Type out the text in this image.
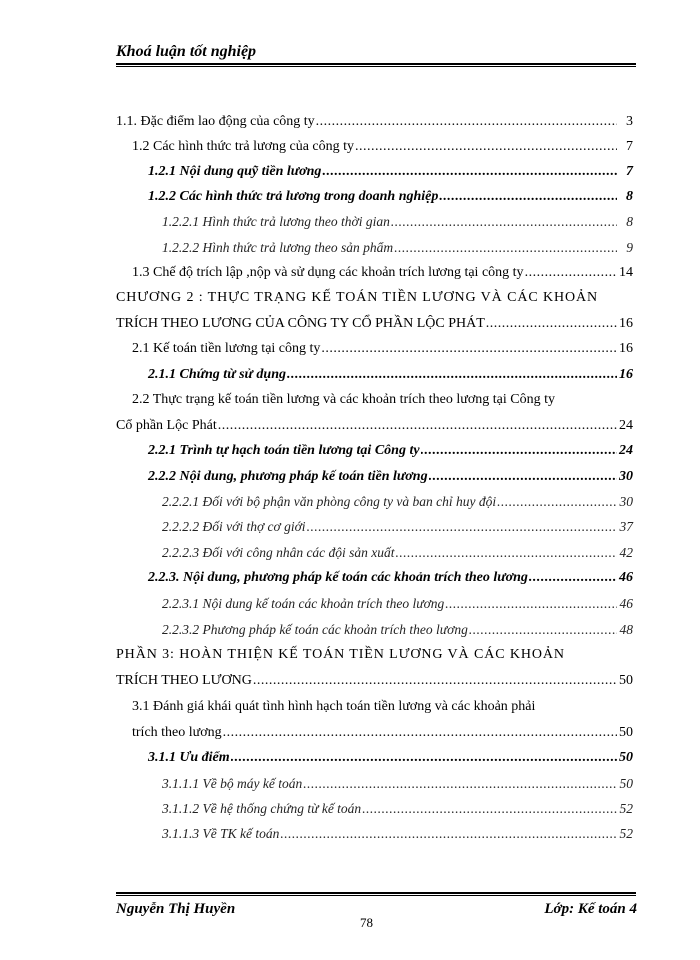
Khoá luận tốt nghiệp
1.1. Đặc điểm lao động của công ty .....	3
1.2 Các hình thức trả lương của công ty .....	7
1.2.1 Nội dung quỹ tiền lương .....	7
1.2.2 Các hình thức trả lương trong doanh nghiệp .....	8
1.2.2.1 Hình thức trả lương theo thời gian .....	8
1.2.2.2 Hình thức trả lương theo sản phẩm .....	9
1.3 Chế độ trích lập ,nộp và sử dụng các khoản trích lương tại công ty .....	14
CHƯƠNG 2 : THỰC TRẠNG KẾ TOÁN TIỀN LƯƠNG VÀ CÁC KHOẢN
TRÍCH THEO LƯƠNG CỦA CÔNG TY CỔ PHẦN LỘC PHÁT .....	16
2.1 Kế toán tiền lương tại công ty .....	16
2.1.1 Chứng từ sử dụng .....	16
2.2 Thực trạng kế toán tiền lương và các khoản trích theo lương tại Công ty
Cổ phần Lộc Phát .....	24
2.2.1 Trình tự hạch toán tiền lương tại Công ty .....	24
2.2.2 Nội dung, phương pháp kế toán tiền lương .....	30
2.2.2.1 Đối với bộ phận văn phòng công ty và ban chỉ huy đội .....	30
2.2.2.2 Đối với thợ cơ giới .....	37
2.2.2.3 Đối với công nhân các đội sản xuất .....	42
2.2.3. Nội dung, phương pháp kế toán các khoản trích theo lương .....	46
2.2.3.1 Nội dung kế toán các khoản trích theo lương .....	46
2.2.3.2 Phương pháp kế toán các khoản trích theo lương .....	48
PHẦN 3: HOÀN THIỆN KẾ TOÁN TIỀN LƯƠNG VÀ CÁC KHOẢN
TRÍCH THEO LƯƠNG .....	50
3.1 Đánh giá khái quát tình hình hạch toán tiền lương và các khoản phải
trích theo lương .....	50
3.1.1 Ưu điểm .....	50
3.1.1.1 Về bộ máy kế toán .....	50
3.1.1.2 Về hệ thống chứng từ kế toán .....	52
3.1.1.3 Về TK kế toán .....	52
Nguyễn Thị Huyền
78
Lớp: Kế toán 4
